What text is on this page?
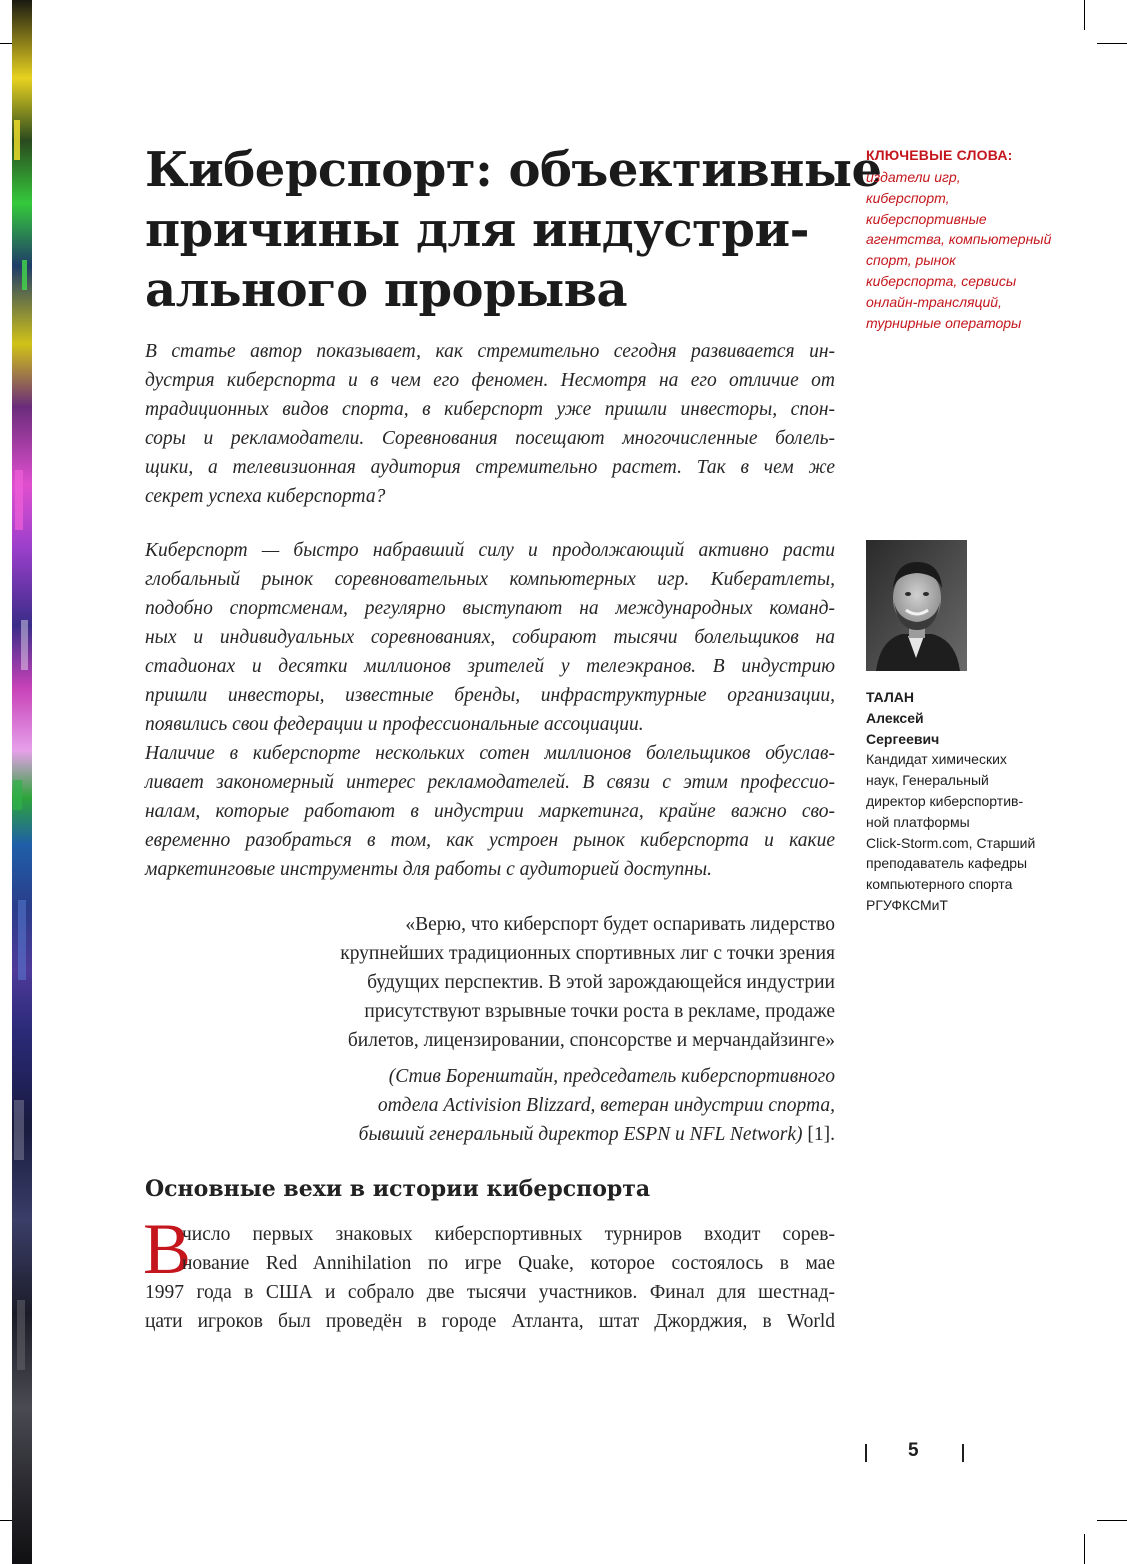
Киберспорт: объективные
причины для индустри-
ального прорыва
В статье автор показывает, как стремительно сегодня развивается ин-
дустрия киберспорта и в чем его феномен. Несмотря на его отличие от
традиционных видов спорта, в киберспорт уже пришли инвесторы, спон-
соры и рекламодатели. Соревнования посещают многочисленные болель-
щики, а телевизионная аудитория стремительно растет. Так в чем же
секрет успеха киберспорта?
Киберспорт — быстро набравший силу и продолжающий активно расти
глобальный рынок соревновательных компьютерных игр. Кибератлеты,
подобно спортсменам, регулярно выступают на международных команд-
ных и индивидуальных соревнованиях, собирают тысячи болельщиков на
стадионах и десятки миллионов зрителей у телеэкранов. В индустрию
пришли инвесторы, известные бренды, инфраструктурные организации,
появились свои федерации и профессиональные ассоциации.
Наличие в киберспорте нескольких сотен миллионов болельщиков обуслав-
ливает закономерный интерес рекламодателей. В связи с этим профессио-
налам, которые работают в индустрии маркетинга, крайне важно сво-
евременно разобраться в том, как устроен рынок киберспорта и какие
маркетинговые инструменты для работы с аудиторией доступны.
«Верю, что киберспорт будет оспаривать лидерство
крупнейших традиционных спортивных лиг с точки зрения
будущих перспектив. В этой зарождающейся индустрии
присутствуют взрывные точки роста в рекламе, продаже
билетов, лицензировании, спонсорстве и мерчандайзинге»
(Стив Боренштайн, председатель киберспортивного
отдела Activision Blizzard, ветеран индустрии спорта,
бывший генеральный директор ESPN и NFL Network) [1].
Основные вехи в истории киберспорта
В
число первых знаковых киберспортивных турниров входит сорев-
нование Red Annihilation по игре Quake, которое состоялось в мае
1997 года в США и собрало две тысячи участников. Финал для шестнад-
цати игроков был проведён в городе Атланта, штат Джорджия, в World
КЛЮЧЕВЫЕ СЛОВА:
издатели игр,
киберспорт,
киберспортивные
агентства, компьютерный
спорт, рынок
киберспорта, сервисы
онлайн-трансляций,
турнирные операторы
ТАЛАН
Алексей
Сергеевич
Кандидат химических
наук, Генеральный
директор киберспортив-
ной платформы
Click-Storm.com, Старший
преподаватель кафедры
компьютерного спорта
РГУФКСМиТ
5
